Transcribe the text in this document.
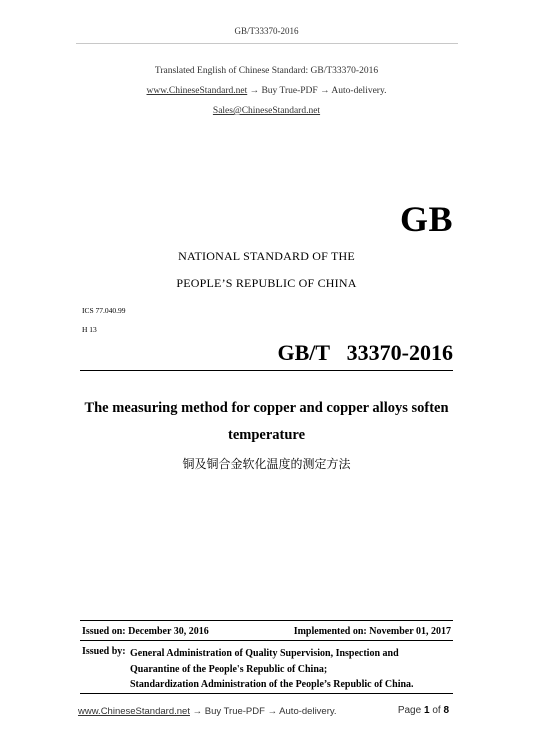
GB/T33370-2016
Translated English of Chinese Standard: GB/T33370-2016
www.ChineseStandard.net → Buy True-PDF → Auto-delivery.
Sales@ChineseStandard.net
GB
NATIONAL STANDARD OF THE
PEOPLE’S REPUBLIC OF CHINA
ICS 77.040.99
H 13
GB/T  33370-2016
The measuring method for copper and copper alloys soften
temperature
铜及铜合金软化温度的测定方法
Issued on: December 30, 2016	Implemented on: November 01, 2017
Issued by: General Administration of Quality Supervision, Inspection and
Quarantine of the People's Republic of China;
Standardization Administration of the People’s Republic of China.
www.ChineseStandard.net → Buy True-PDF → Auto-delivery.	Page 1 of 8
